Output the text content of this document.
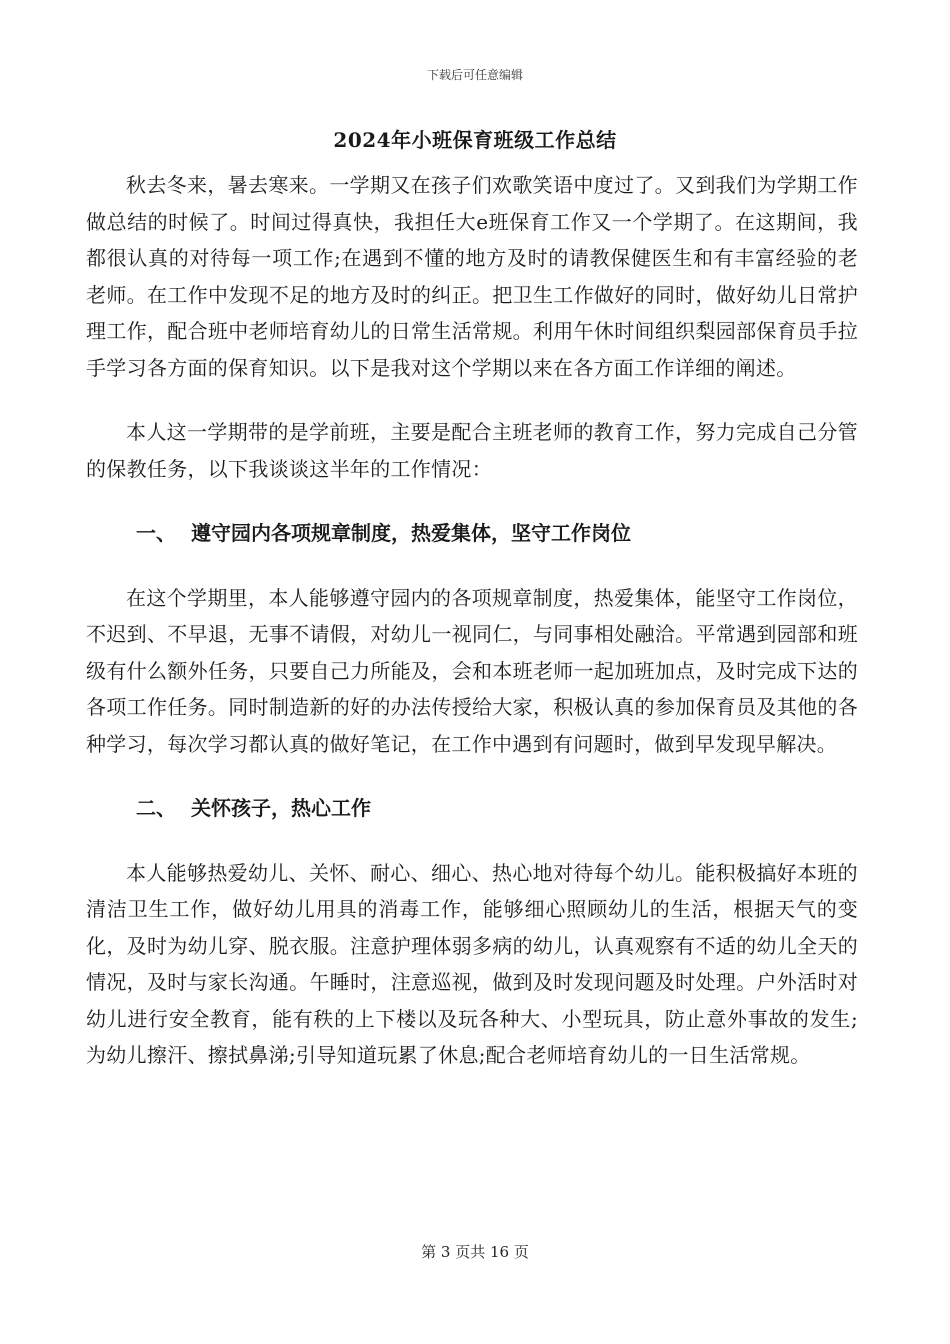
下载后可任意编辑
2024年小班保育班级工作总结

秋去冬来，暑去寒来。一学期又在孩子们欢歌笑语中度过了。又到我们为学期工作做总结的时候了。时间过得真快，我担任大e班保育工作又一个学期了。在这期间，我都很认真的对待每一项工作;在遇到不懂的地方及时的请教保健医生和有丰富经验的老老师。在工作中发现不足的地方及时的纠正。把卫生工作做好的同时，做好幼儿日常护理工作，配合班中老师培育幼儿的日常生活常规。利用午休时间组织梨园部保育员手拉手学习各方面的保育知识。以下是我对这个学期以来在各方面工作详细的阐述。

本人这一学期带的是学前班，主要是配合主班老师的教育工作，努力完成自己分管的保教任务，以下我谈谈这半年的工作情况：

一、 遵守园内各项规章制度，热爱集体，坚守工作岗位

在这个学期里，本人能够遵守园内的各项规章制度，热爱集体，能坚守工作岗位，不迟到、不早退，无事不请假，对幼儿一视同仁，与同事相处融洽。平常遇到园部和班级有什么额外任务，只要自己力所能及，会和本班老师一起加班加点，及时完成下达的各项工作任务。同时制造新的好的办法传授给大家，积极认真的参加保育员及其他的各种学习，每次学习都认真的做好笔记，在工作中遇到有问题时，做到早发现早解决。

二、 关怀孩子，热心工作

本人能够热爱幼儿、关怀、耐心、细心、热心地对待每个幼儿。能积极搞好本班的清洁卫生工作，做好幼儿用具的消毒工作，能够细心照顾幼儿的生活，根据天气的变化，及时为幼儿穿、脱衣服。注意护理体弱多病的幼儿，认真观察有不适的幼儿全天的情况，及时与家长沟通。午睡时，注意巡视，做到及时发现问题及时处理。户外活时对幼儿进行安全教育，能有秩的上下楼以及玩各种大、小型玩具，防止意外事故的发生;为幼儿擦汗、擦拭鼻涕;引导知道玩累了休息;配合老师培育幼儿的一日生活常规。

第 3 页共 16 页
